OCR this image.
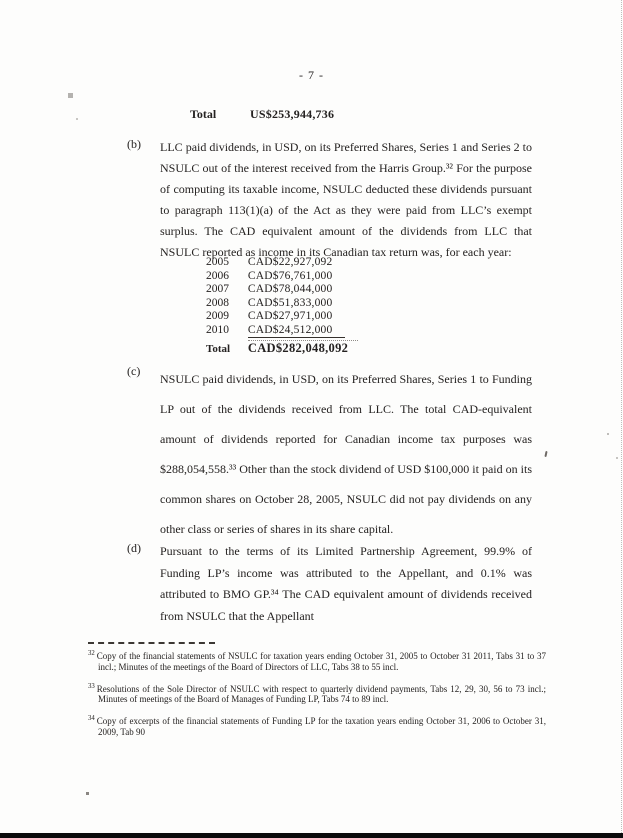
- 7 -
Total	US$253,944,736
(b) LLC paid dividends, in USD, on its Preferred Shares, Series 1 and Series 2 to NSULC out of the interest received from the Harris Group.³² For the purpose of computing its taxable income, NSULC deducted these dividends pursuant to paragraph 113(1)(a) of the Act as they were paid from LLC’s exempt surplus. The CAD equivalent amount of the dividends from LLC that NSULC reported as income in its Canadian tax return was, for each year:
2005 CAD$22,927,092
2006 CAD$76,761,000
2007 CAD$78,044,000
2008 CAD$51,833,000
2009 CAD$27,971,000
2010 CAD$24,512,000
Total CAD$282,048,092
(c)
NSULC paid dividends, in USD, on its Preferred Shares, Series 1 to Funding LP out of the dividends received from LLC. The total CAD-equivalent amount of dividends reported for Canadian income tax purposes was $288,054,558.³³ Other than the stock dividend of USD $100,000 it paid on its common shares on October 28, 2005, NSULC did not pay dividends on any other class or series of shares in its share capital.
(d) Pursuant to the terms of its Limited Partnership Agreement, 99.9% of Funding LP’s income was attributed to the Appellant, and 0.1% was attributed to BMO GP.³⁴ The CAD equivalent amount of dividends received from NSULC that the Appellant

$^{32}$ Copy of the financial statements of NSULC for taxation years ending October 31, 2005 to October 31 2011, Tabs 31 to 37 incl.; Minutes of the meetings of the Board of Directors of LLC, Tabs 38 to 55 incl.

$^{33}$ Resolutions of the Sole Director of NSULC with respect to quarterly dividend payments, Tabs 12, 29, 30, 56 to 73 incl.; Minutes of meetings of the Board of Manages of Funding LP, Tabs 74 to 89 incl.

$^{34}$ Copy of excerpts of the financial statements of Funding LP for the taxation years ending October 31, 2006 to October 31, 2009, Tab 90
